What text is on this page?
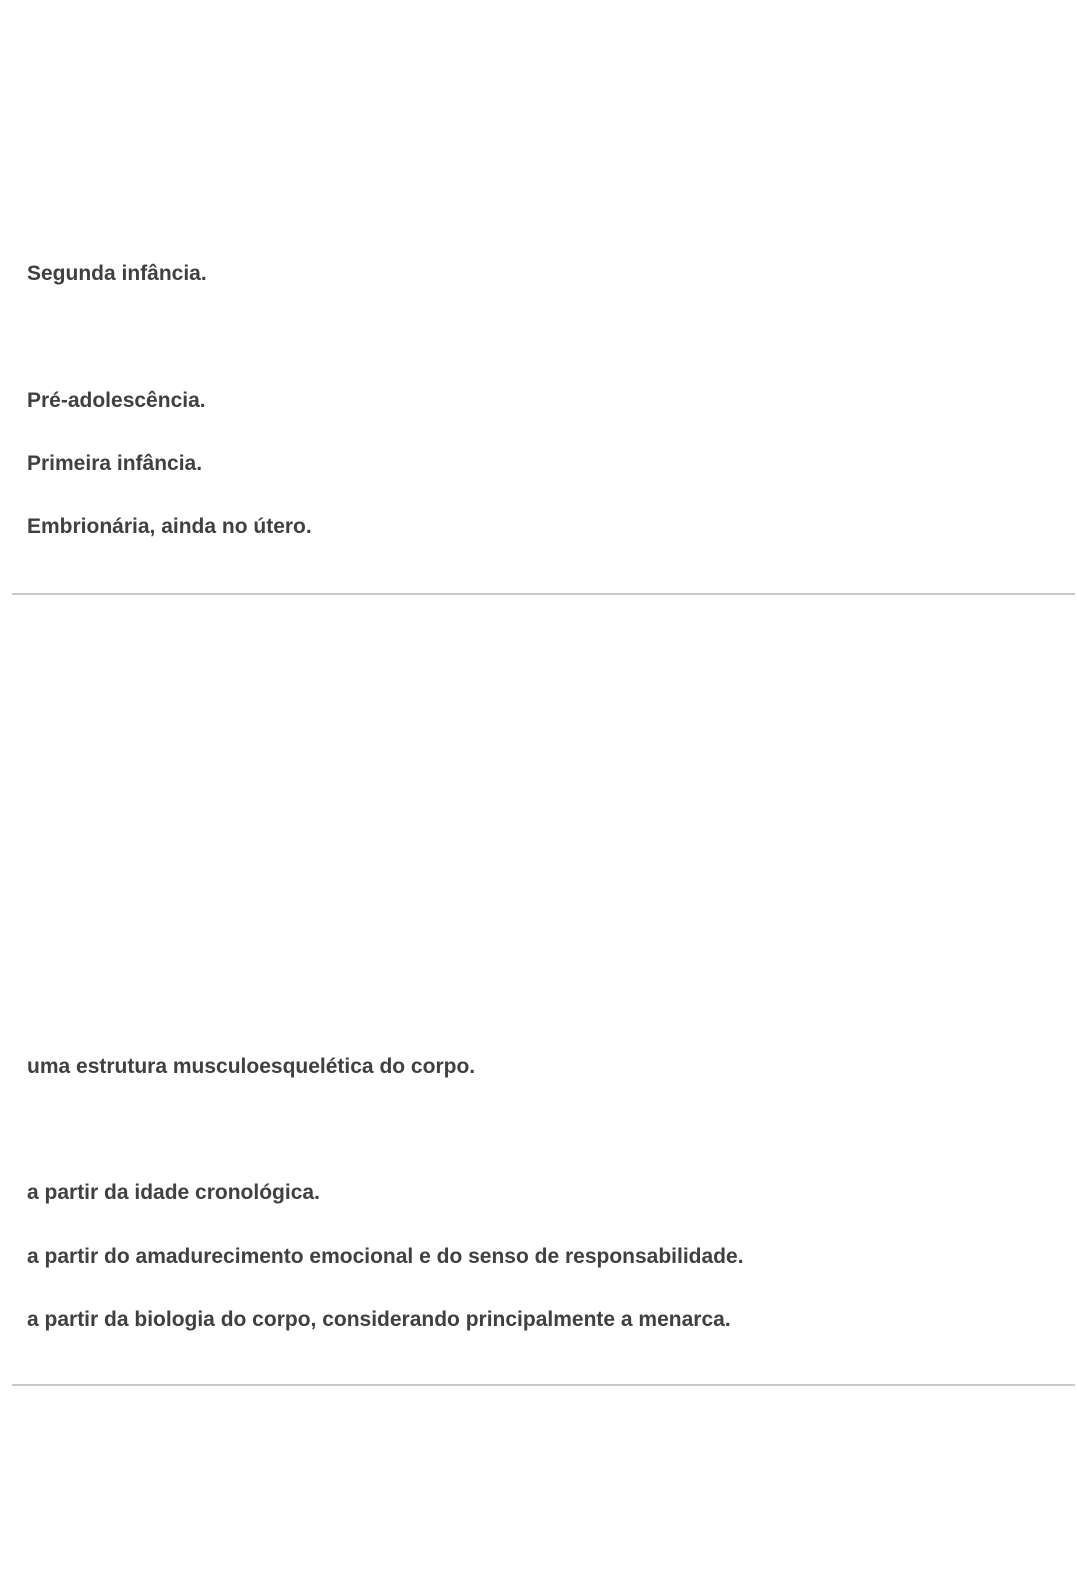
Segunda infância.
Pré-adolescência.
Primeira infância.
Embrionária, ainda no útero.
uma estrutura musculoesquelética do corpo.
a partir da idade cronológica.
a partir do amadurecimento emocional e do senso de responsabilidade.
a partir da biologia do corpo, considerando principalmente a menarca.
